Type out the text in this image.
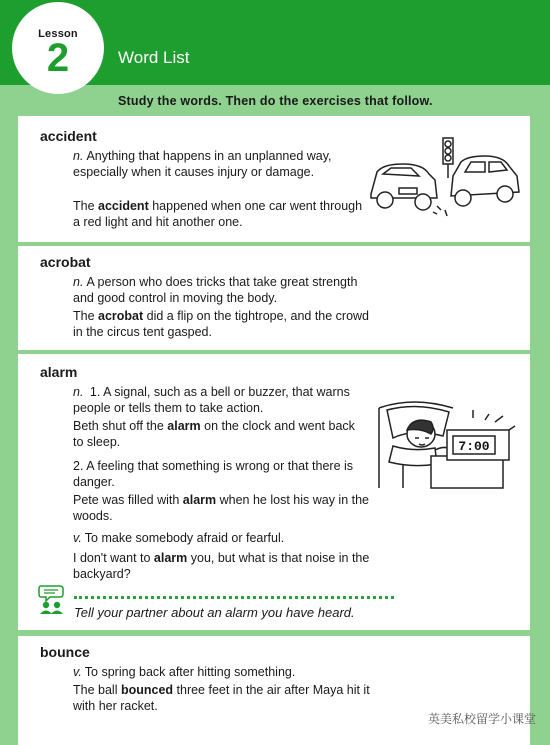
Lesson
2	Word List
Study the words. Then do the exercises that follow.
accident
n. Anything that happens in an unplanned way, especially when it causes injury or damage.
The accident happened when one car went through a red light and hit another one.
acrobat
n. A person who does tricks that take great strength and good control in moving the body.
The acrobat did a flip on the tightrope, and the crowd in the circus tent gasped.
alarm
n. 1. A signal, such as a bell or buzzer, that warns people or tells them to take action.
Beth shut off the alarm on the clock and went back to sleep.
2. A feeling that something is wrong or that there is danger.
Pete was filled with alarm when he lost his way in the woods.
v. To make somebody afraid or fearful.
I don't want to alarm you, but what is that noise in the backyard?
7:00
Tell your partner about an alarm you have heard.
bounce
v. To spring back after hitting something.
The ball bounced three feet in the air after Maya hit it with her racket.
英美私校留学小课堂
